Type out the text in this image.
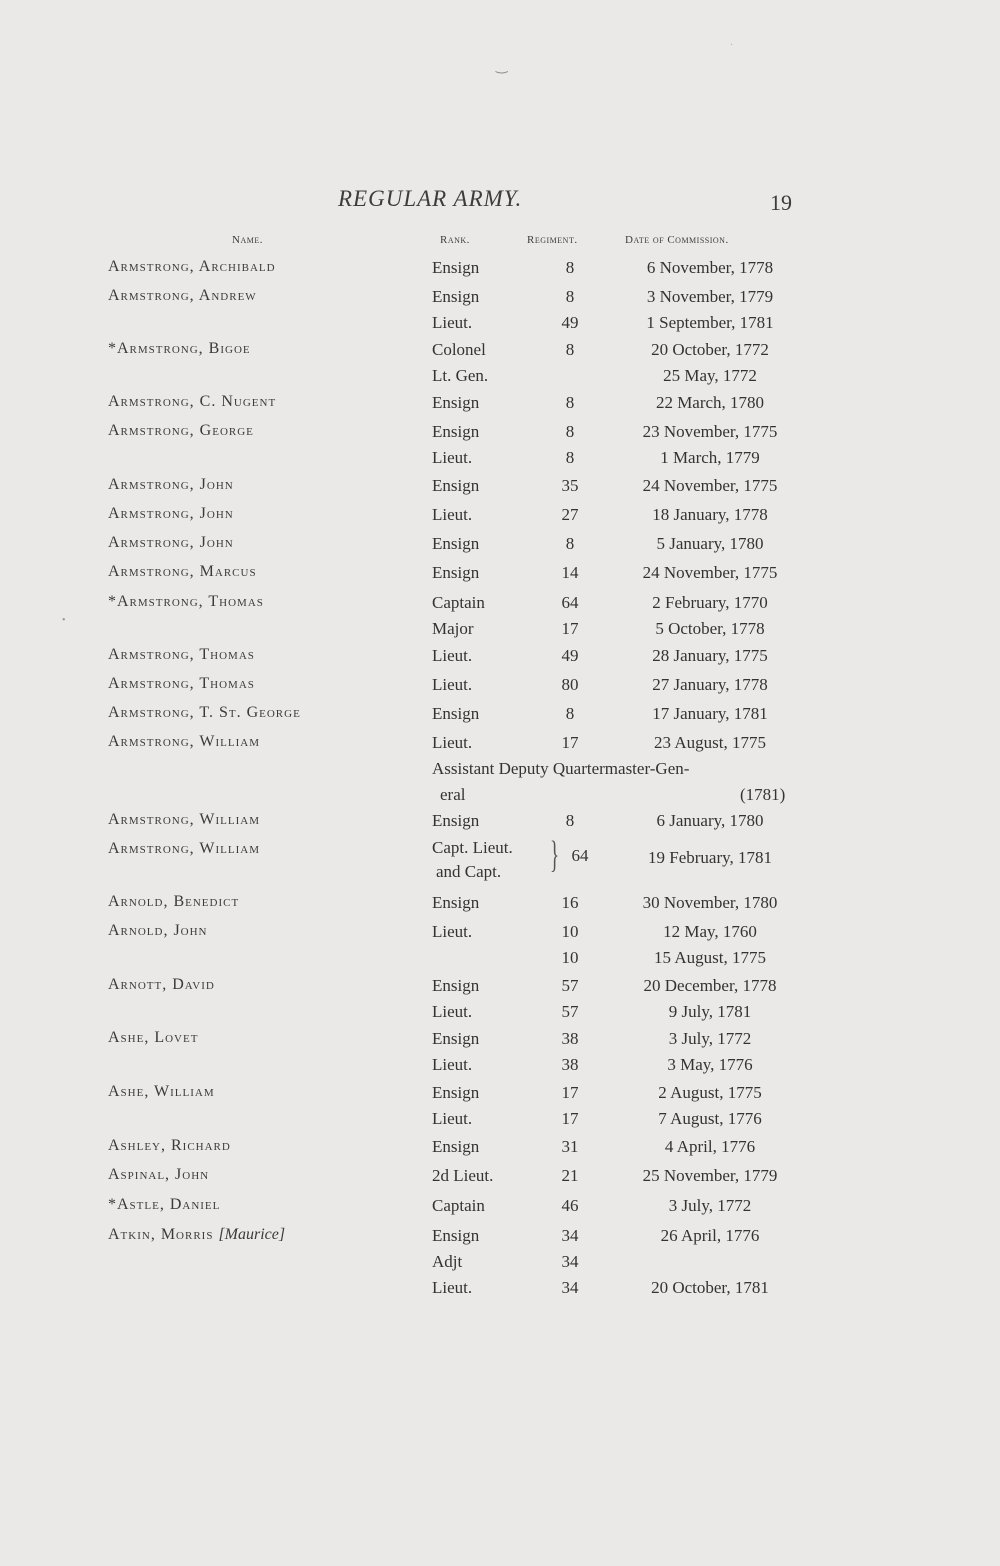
‿
·
•
REGULAR ARMY.	19
Name.	Rank.	Regiment.	Date of Commission.
Armstrong, Archibald	Ensign	8	6 November, 1778
Armstrong, Andrew	Ensign	8	3 November, 1779
Lieut.	49	1 September, 1781
*Armstrong, Bigoe	Colonel	8	20 October, 1772
Lt. Gen.	25 May, 1772
Armstrong, C. Nugent	Ensign	8	22 March, 1780
Armstrong, George	Ensign	8	23 November, 1775
Lieut.	8	1 March, 1779
Armstrong, John	Ensign	35	24 November, 1775
Armstrong, John	Lieut.	27	18 January, 1778
Armstrong, John	Ensign	8	5 January, 1780
Armstrong, Marcus	Ensign	14	24 November, 1775
*Armstrong, Thomas	Captain	64	2 February, 1770
Major	17	5 October, 1778
Armstrong, Thomas	Lieut.	49	28 January, 1775
Armstrong, Thomas	Lieut.	80	27 January, 1778
Armstrong, T. St. George	Ensign	8	17 January, 1781
Armstrong, William	Lieut.	17	23 August, 1775
Assistant Deputy Quartermaster-Gen-
eral	(1781)
Armstrong, William	Ensign	8	6 January, 1780
Armstrong, William	Capt. Lieut.
and Capt. } 64	19 February, 1781
Arnold, Benedict	Ensign	16	30 November, 1780
Arnold, John	Lieut.	10	12 May, 1760
10	15 August, 1775
Arnott, David	Ensign	57	20 December, 1778
Lieut.	57	9 July, 1781
Ashe, Lovet	Ensign	38	3 July, 1772
Lieut.	38	3 May, 1776
Ashe, William	Ensign	17	2 August, 1775
Lieut.	17	7 August, 1776
Ashley, Richard	Ensign	31	4 April, 1776
Aspinal, John	2d Lieut.	21	25 November, 1779
*Astle, Daniel	Captain	46	3 July, 1772
Atkin, Morris [Maurice]	Ensign	34	26 April, 1776
Adjt	34
Lieut.	34	20 October, 1781
